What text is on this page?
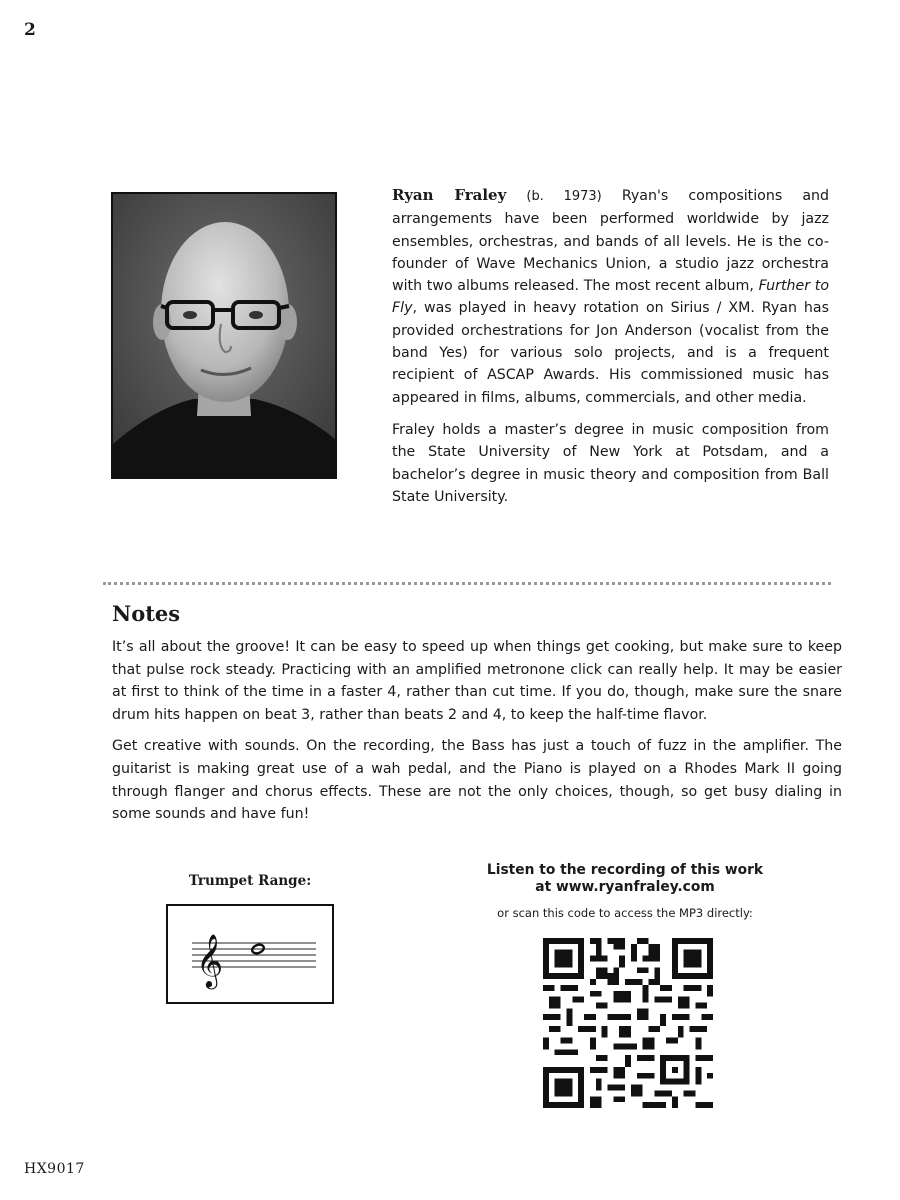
2

Ryan Fraley (b. 1973) Ryan's compositions and arrangements have been performed worldwide by jazz ensembles, orchestras, and bands of all levels. He is the co-founder of Wave Mechanics Union, a studio jazz orchestra with two albums released. The most recent album, Further to Fly, was played in heavy rotation on Sirius / XM. Ryan has provided orchestrations for Jon Anderson (vocalist from the band Yes) for various solo projects, and is a frequent recipient of ASCAP Awards. His commissioned music has appeared in films, albums, commercials, and other media.

Fraley holds a master’s degree in music composition from the State University of New York at Potsdam, and a bachelor’s degree in music theory and composition from Ball State University.

Notes

It’s all about the groove! It can be easy to speed up when things get cooking, but make sure to keep that pulse rock steady. Practicing with an amplified metronone click can really help. It may be easier at first to think of the time in a faster 4, rather than cut time. If you do, though, make sure the snare drum hits happen on beat 3, rather than beats 2 and 4, to keep the half-time flavor.

Get creative with sounds. On the recording, the Bass has just a touch of fuzz in the amplifier. The guitarist is making great use of a wah pedal, and the Piano is played on a Rhodes Mark II going through flanger and chorus effects. These are not the only choices, though, so get busy dialing in some sounds and have fun!

Trumpet Range:
𝄞
Listen to the recording of this work
at www.ryanfraley.com
or scan this code to access the MP3 directly:
HX9017
